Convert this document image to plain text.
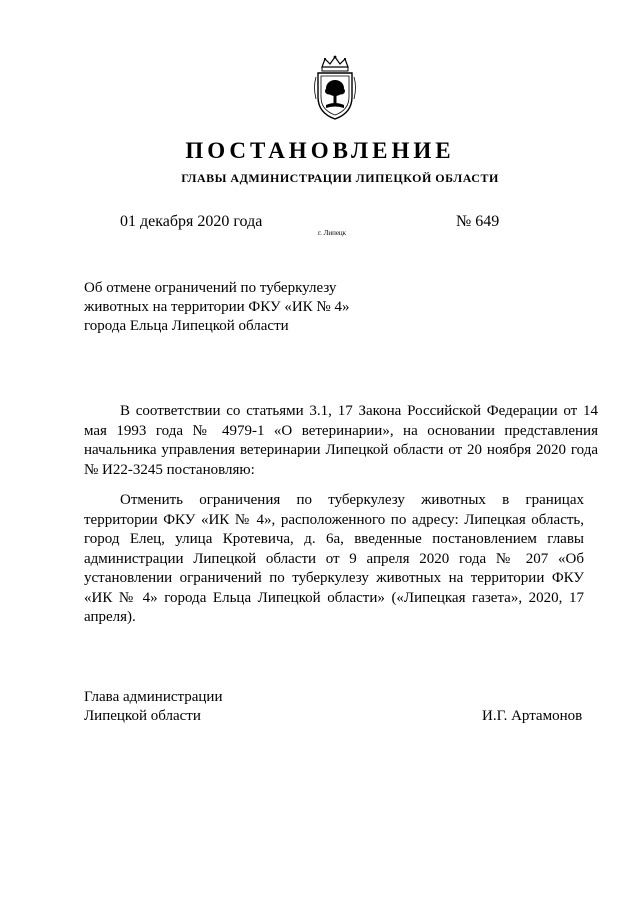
ПОСТАНОВЛЕНИЕ
ГЛАВЫ АДМИНИСТРАЦИИ ЛИПЕЦКОЙ ОБЛАСТИ
01 декабря 2020 года
г. Липецк
№ 649
Об отмене ограничений по туберкулезу
животных на территории ФКУ «ИК № 4»
города Ельца Липецкой области

В соответствии со статьями 3.1, 17 Закона Российской Федерации от 14 мая 1993 года № 4979-1 «О ветеринарии», на основании представления начальника управления ветеринарии Липецкой области от 20 ноября 2020 года № И22-3245 постановляю:

Отменить ограничения по туберкулезу животных в границах территории ФКУ «ИК № 4», расположенного по адресу: Липецкая область, город Елец, улица Кротевича, д. 6а, введенные постановлением главы администрации Липецкой области от 9 апреля 2020 года № 207 «Об установлении ограничений по туберкулезу животных на территории ФКУ «ИК № 4» города Ельца Липецкой области» («Липецкая газета», 2020, 17 апреля).

Глава администрации
Липецкой области	И.Г. Артамонов
